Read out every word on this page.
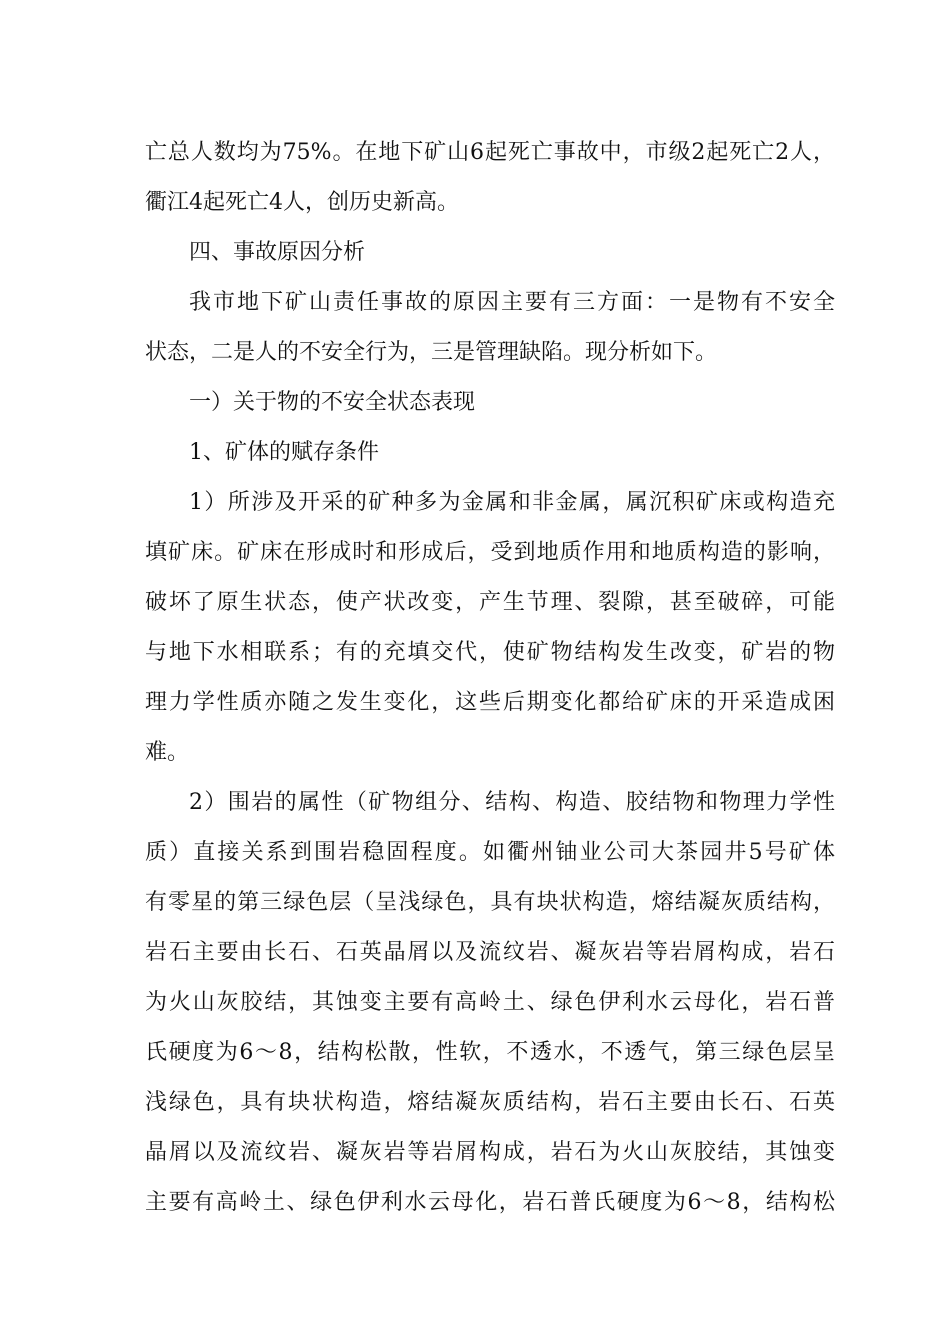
亡总人数均为75%。在地下矿山6起死亡事故中，市级2起死亡2人，
衢江4起死亡4人，创历史新高。
四、事故原因分析
我市地下矿山责任事故的原因主要有三方面：一是物有不安全
状态，二是人的不安全行为，三是管理缺陷。现分析如下。
一）关于物的不安全状态表现
1、矿体的赋存条件
1）所涉及开采的矿种多为金属和非金属，属沉积矿床或构造充
填矿床。矿床在形成时和形成后，受到地质作用和地质构造的影响，
破坏了原生状态，使产状改变，产生节理、裂隙，甚至破碎，可能
与地下水相联系；有的充填交代，使矿物结构发生改变，矿岩的物
理力学性质亦随之发生变化，这些后期变化都给矿床的开采造成困
难。
2）围岩的属性（矿物组分、结构、构造、胶结物和物理力学性
质）直接关系到围岩稳固程度。如衢州铀业公司大茶园井5号矿体
有零星的第三绿色层（呈浅绿色，具有块状构造，熔结凝灰质结构，
岩石主要由长石、石英晶屑以及流纹岩、凝灰岩等岩屑构成，岩石
为火山灰胶结，其蚀变主要有高岭土、绿色伊利水云母化，岩石普
氏硬度为6～8，结构松散，性软，不透水，不透气，第三绿色层呈
浅绿色，具有块状构造，熔结凝灰质结构，岩石主要由长石、石英
晶屑以及流纹岩、凝灰岩等岩屑构成，岩石为火山灰胶结，其蚀变
主要有高岭土、绿色伊利水云母化，岩石普氏硬度为6～8，结构松
